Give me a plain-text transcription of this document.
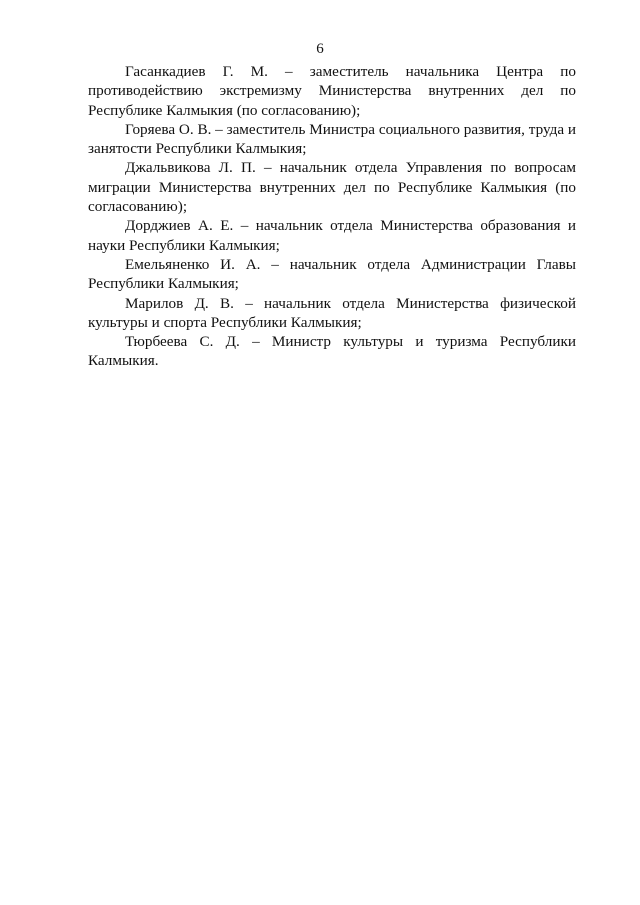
6

Гасанкадиев Г. М. – заместитель начальника Центра по противодействию экстремизму Министерства внутренних дел по Республике Калмыкия (по согласованию);

Горяева О. В. – заместитель Министра социального развития, труда и занятости Республики Калмыкия;

Джальвикова Л. П. – начальник отдела Управления по вопросам миграции Министерства внутренних дел по Республике Калмыкия (по согласованию);

Дорджиев А. Е. – начальник отдела Министерства образования и науки Республики Калмыкия;

Емельяненко И. А. – начальник отдела Администрации Главы Республики Калмыкия;

Марилов Д. В. – начальник отдела Министерства физической культуры и спорта Республики Калмыкия;

Тюрбеева С. Д. – Министр культуры и туризма Республики Калмыкия.
